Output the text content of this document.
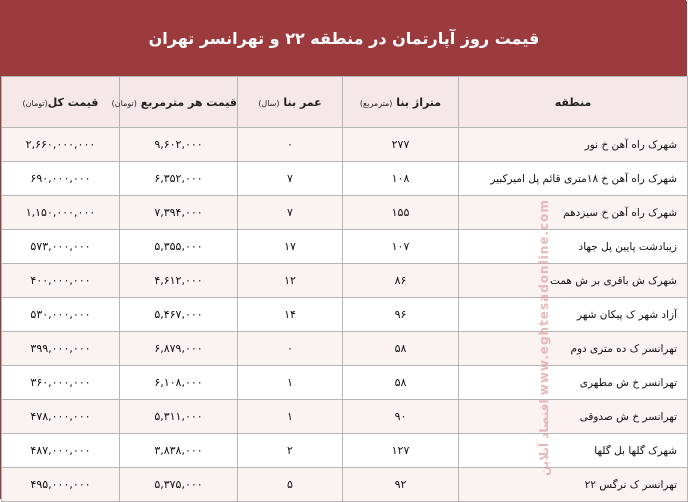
قیمت روز آپارتمان در منطقه ۲۲ و تهرانسر تهران
منطقه	متراژ بنا (مترمربع)	عمر بنا (سال)	قیمت هر مترمربع (تومان)	قیمت کل(تومان)
شهرک راه آهن خ نور	۲۷۷	۰	۹,۶۰۲,۰۰۰	۲,۶۶۰,۰۰۰,۰۰۰
شهرک راه آهن خ ۱۸متری قائم پل امیرکبیر	۱۰۸	۷	۶,۳۵۲,۰۰۰	۶۹۰,۰۰۰,۰۰۰
شهرک راه آهن خ سیزدهم	۱۵۵	۷	۷,۳۹۴,۰۰۰	۱,۱۵۰,۰۰۰,۰۰۰
زیبادشت پایین پل جهاد	۱۰۷	۱۷	۵,۳۵۵,۰۰۰	۵۷۳,۰۰۰,۰۰۰
شهرک ش باقری بر ش همت	۸۶	۱۲	۴,۶۱۲,۰۰۰	۴۰۰,۰۰۰,۰۰۰
آزاد شهر ک پیکان شهر	۹۶	۱۴	۵,۴۶۷,۰۰۰	۵۳۰,۰۰۰,۰۰۰
تهرانسر ک ده متری دوم	۵۸	۰	۶,۸۷۹,۰۰۰	۳۹۹,۰۰۰,۰۰۰
تهرانسر خ ش مطهری	۵۸	۱	۶,۱۰۸,۰۰۰	۳۶۰,۰۰۰,۰۰۰
تهرانسر خ ش صدوقی	۹۰	۱	۵,۳۱۱,۰۰۰	۴۷۸,۰۰۰,۰۰۰
شهرک گلها بل گلها	۱۲۷	۲	۳,۸۳۸,۰۰۰	۴۸۷,۰۰۰,۰۰۰
تهرانسر ک نرگس ۲۲	۹۲	۵	۵,۳۷۵,۰۰۰	۴۹۵,۰۰۰,۰۰۰
اقتصاد آنلاین www.eghtesadonline.com
